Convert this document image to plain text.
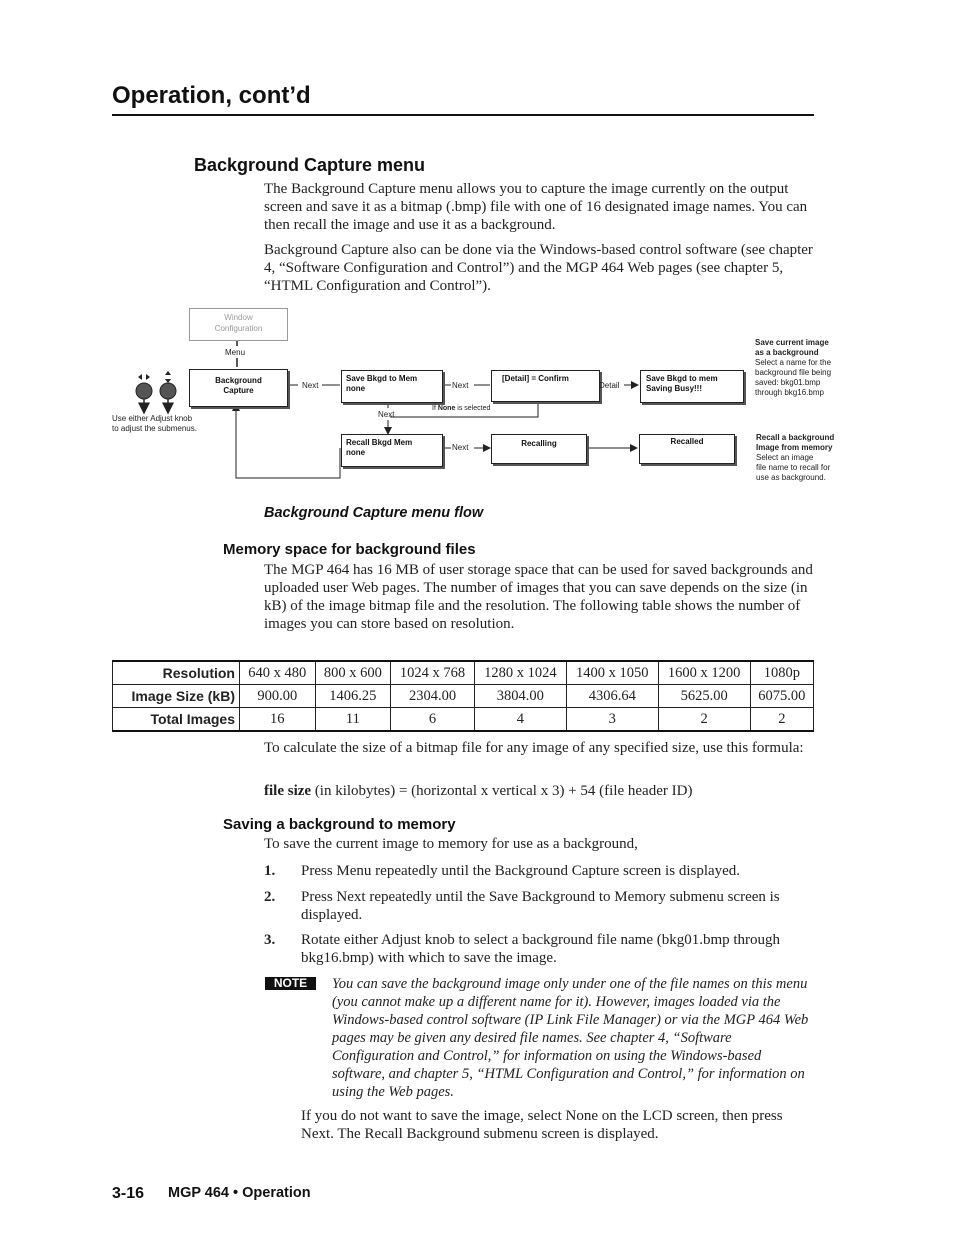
Operation, cont’d
Background Capture menu
The Background Capture menu allows you to capture the image currently on the output screen and save it as a bitmap (.bmp) file with one of 16 designated image names. You can then recall the image and use it as a background.
Background Capture also can be done via the Windows-based control software (see chapter 4, “Software Configuration and Control”) and the MGP 464 Web pages (see chapter 5, “HTML Configuration and Control”).
Window
Configuration
Menu
Background
Capture
Next
Save Bkgd to Mem
none	Next
[Detail] = Confirm
Detail
Save Bkgd to mem
Saving Busy!!!
Next
If None is selected
Recall Bkgd Mem
none
Next	Recalling	Recalled
Use either Adjust knob
to adjust the submenus.
Save current image
as a background
Select a name for the
background file being
saved: bkg01.bmp
through bkg16.bmp
Recall a background
Image from memory
Select an image
file name to recall for
use as background.
Background Capture menu flow
Memory space for background files
The MGP 464 has 16 MB of user storage space that can be used for saved backgrounds and uploaded user Web pages. The number of images that you can save depends on the size (in kB) of the image bitmap file and the resolution. The following table shows the number of images you can store based on resolution.
Resolution	640 x 480	800 x 600	1024 x 768	1280 x 1024	1400 x 1050	1600 x 1200	1080p
Image Size (kB)	900.00	1406.25	2304.00	3804.00	4306.64	5625.00	6075.00
Total Images	16	11	6	4	3	2	2
To calculate the size of a bitmap file for any image of any specified size, use this formula:
file size (in kilobytes) = (horizontal x vertical x 3) + 54 (file header ID)
Saving a background to memory
To save the current image to memory for use as a background,
1. Press Menu repeatedly until the Background Capture screen is displayed.
2. Press Next repeatedly until the Save Background to Memory submenu screen is displayed.
3. Rotate either Adjust knob to select a background file name (bkg01.bmp through bkg16.bmp) with which to save the image.
NOTE	You can save the background image only under one of the file names on this menu (you cannot make up a different name for it). However, images loaded via the Windows-based control software (IP Link File Manager) or via the MGP 464 Web pages may be given any desired file names. See chapter 4, “Software Configuration and Control,” for information on using the Windows-based software, and chapter 5, “HTML Configuration and Control,” for information on using the Web pages.
If you do not want to save the image, select None on the LCD screen, then press Next. The Recall Background submenu screen is displayed.
3-16 MGP 464 • Operation
